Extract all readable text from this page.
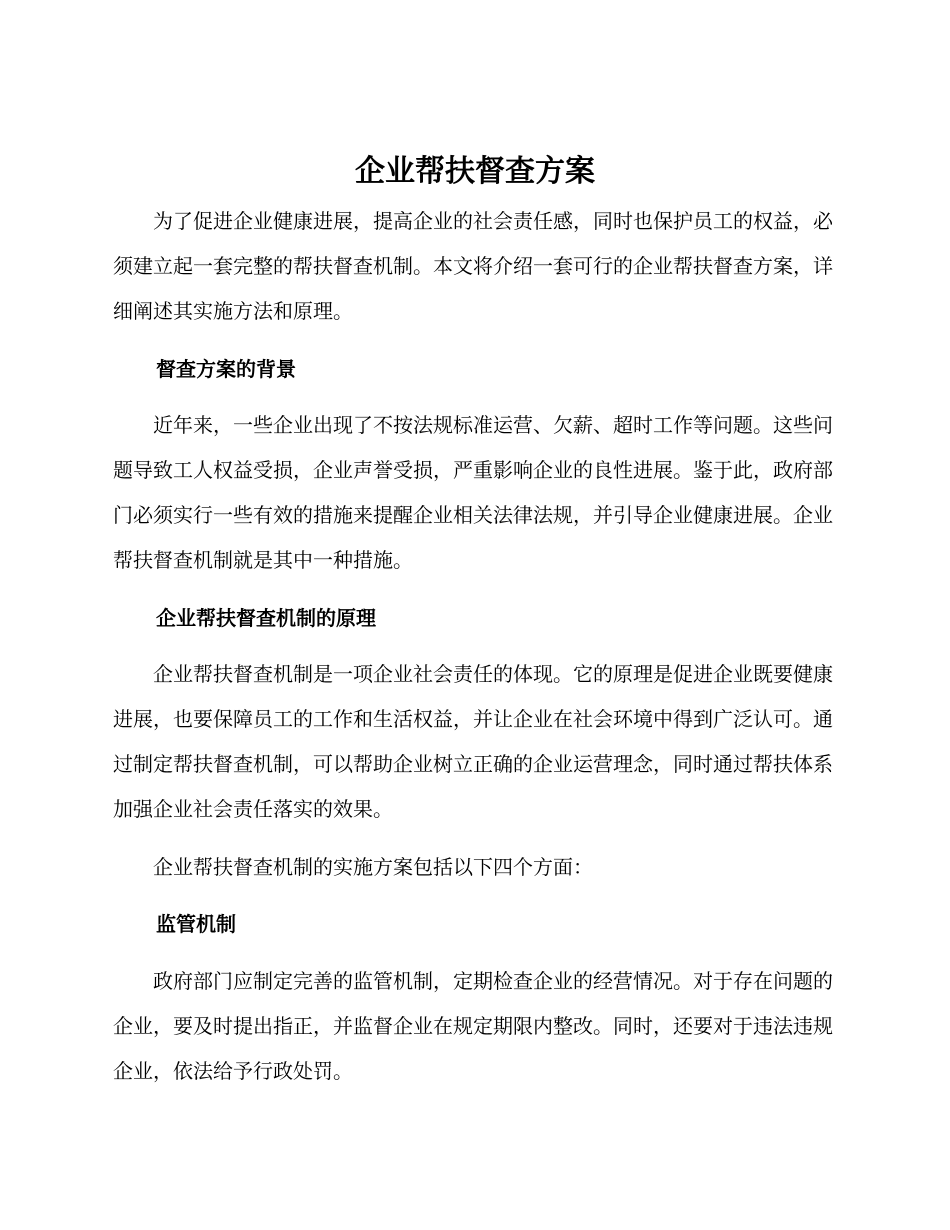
企业帮扶督查方案

为了促进企业健康进展，提高企业的社会责任感，同时也保护员工的权益，必须建立起一套完整的帮扶督查机制。本文将介绍一套可行的企业帮扶督查方案，详细阐述其实施方法和原理。

督查方案的背景

近年来，一些企业出现了不按法规标准运营、欠薪、超时工作等问题。这些问题导致工人权益受损，企业声誉受损，严重影响企业的良性进展。鉴于此，政府部门必须实行一些有效的措施来提醒企业相关法律法规，并引导企业健康进展。企业帮扶督查机制就是其中一种措施。

企业帮扶督查机制的原理

企业帮扶督查机制是一项企业社会责任的体现。它的原理是促进企业既要健康进展，也要保障员工的工作和生活权益，并让企业在社会环境中得到广泛认可。通过制定帮扶督查机制，可以帮助企业树立正确的企业运营理念，同时通过帮扶体系加强企业社会责任落实的效果。

企业帮扶督查机制的实施方案包括以下四个方面：

监管机制

政府部门应制定完善的监管机制，定期检查企业的经营情况。对于存在问题的企业，要及时提出指正，并监督企业在规定期限内整改。同时，还要对于违法违规企业，依法给予行政处罚。
